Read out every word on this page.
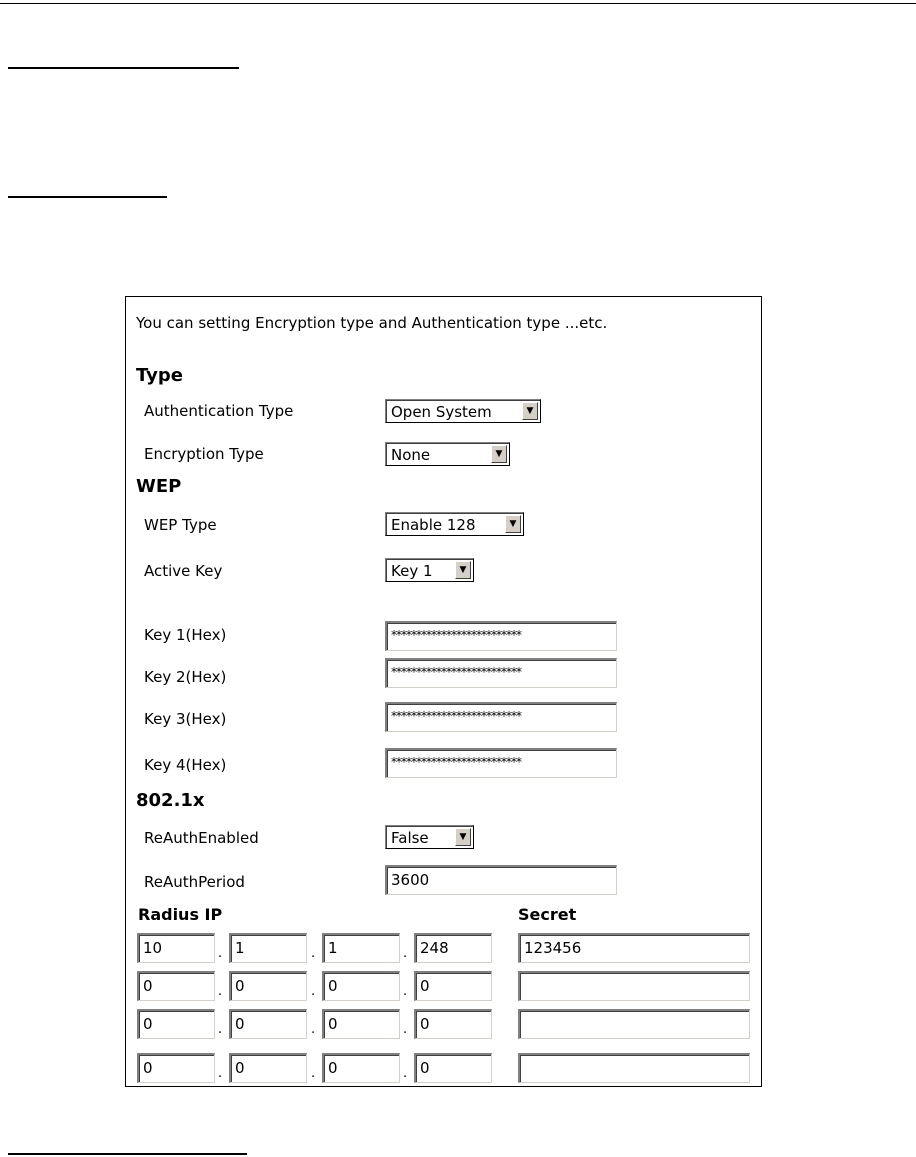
You can setting Encryption type and Authentication type ...etc.
Type
Authentication Type	Open System	▼
Encryption Type	None	▼
WEP
WEP Type	Enable 128	▼
Active Key	Key 1	▼
Key 1(Hex)	**************************
Key 2(Hex)	**************************
Key 3(Hex)	**************************
Key 4(Hex)	**************************
802.1x
ReAuthEnabled	False	▼
ReAuthPeriod	3600
Radius IP	Secret
10	. 1	. 1	. 248	123456
0	. 0	. 0	. 0
0	. 0	. 0	. 0
0	. 0	. 0	. 0
